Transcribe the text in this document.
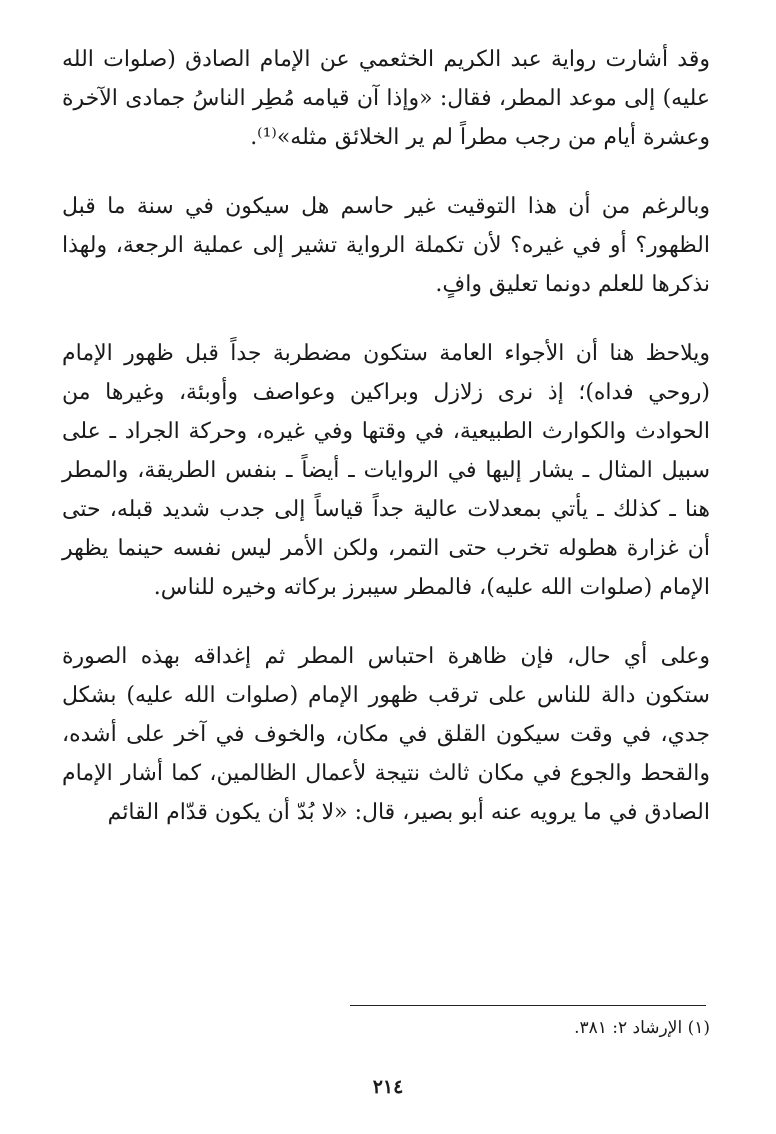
وقد أشارت رواية عبد الكريم الخثعمي عن الإمام الصادق (صلوات الله عليه) إلى موعد المطر، فقال: «وإذا آن قيامه مُطِر الناسُ جمادى الآخرة وعشرة أيام من رجب مطراً لم ير الخلائق مثله»⁽¹⁾.

وبالرغم من أن هذا التوقيت غير حاسم هل سيكون في سنة ما قبل الظهور؟ أو في غيره؟ لأن تكملة الرواية تشير إلى عملية الرجعة، ولهذا نذكرها للعلم دونما تعليق وافٍ.

ويلاحظ هنا أن الأجواء العامة ستكون مضطربة جداً قبل ظهور الإمام (روحي فداه)؛ إذ نرى زلازل وبراكين وعواصف وأوبئة، وغيرها من الحوادث والكوارث الطبيعية، في وقتها وفي غيره، وحركة الجراد ـ على سبيل المثال ـ يشار إليها في الروايات ـ أيضاً ـ بنفس الطريقة، والمطر هنا ـ كذلك ـ يأتي بمعدلات عالية جداً قياساً إلى جدب شديد قبله، حتى أن غزارة هطوله تخرب حتى التمر، ولكن الأمر ليس نفسه حينما يظهر الإمام (صلوات الله عليه)، فالمطر سيبرز بركاته وخيره للناس.

وعلى أي حال، فإن ظاهرة احتباس المطر ثم إغداقه بهذه الصورة ستكون دالة للناس على ترقب ظهور الإمام (صلوات الله عليه) بشكل جدي، في وقت سيكون القلق في مكان، والخوف في آخر على أشده، والقحط والجوع في مكان ثالث نتيجة لأعمال الظالمين، كما أشار الإمام الصادق في ما يرويه عنه أبو بصير، قال: «لا بُدّ أن يكون قدّام القائم

(١) الإرشاد ٢: ٣٨١.
٢١٤
